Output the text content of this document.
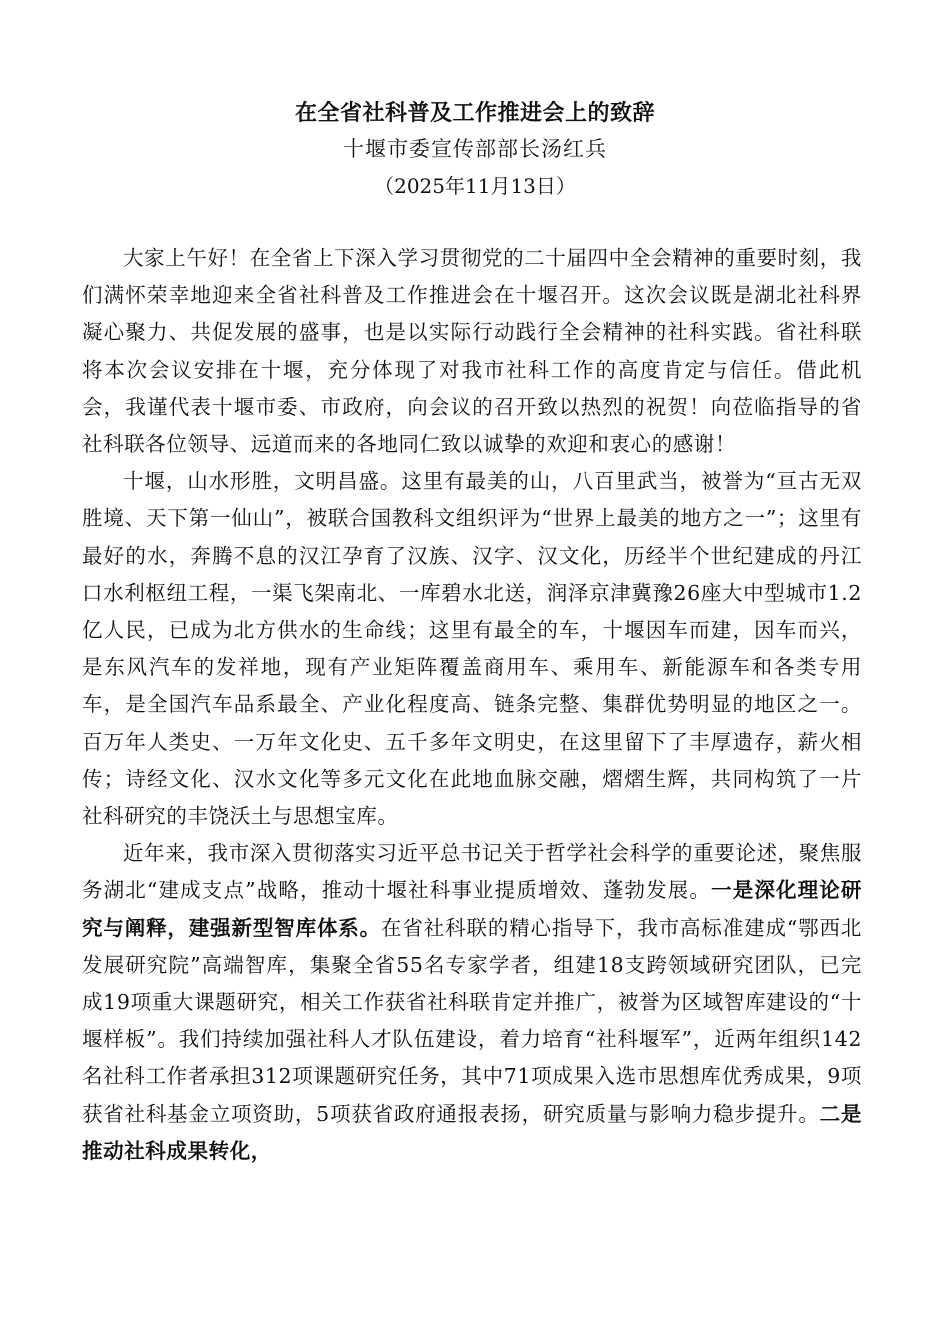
在全省社科普及工作推进会上的致辞
十堰市委宣传部部长汤红兵
（2025年11月13日）

大家上午好！在全省上下深入学习贯彻党的二十届四中全会精神的重要时刻，我们满怀荣幸地迎来全省社科普及工作推进会在十堰召开。这次会议既是湖北社科界凝心聚力、共促发展的盛事，也是以实际行动践行全会精神的社科实践。省社科联将本次会议安排在十堰，充分体现了对我市社科工作的高度肯定与信任。借此机会，我谨代表十堰市委、市政府，向会议的召开致以热烈的祝贺！向莅临指导的省社科联各位领导、远道而来的各地同仁致以诚挚的欢迎和衷心的感谢！

十堰，山水形胜，文明昌盛。这里有最美的山，八百里武当，被誉为“亘古无双胜境、天下第一仙山”，被联合国教科文组织评为“世界上最美的地方之一”；这里有最好的水，奔腾不息的汉江孕育了汉族、汉字、汉文化，历经半个世纪建成的丹江口水利枢纽工程，一渠飞架南北、一库碧水北送，润泽京津冀豫26座大中型城市1.2亿人民，已成为北方供水的生命线；这里有最全的车，十堰因车而建，因车而兴，是东风汽车的发祥地，现有产业矩阵覆盖商用车、乘用车、新能源车和各类专用车，是全国汽车品系最全、产业化程度高、链条完整、集群优势明显的地区之一。百万年人类史、一万年文化史、五千多年文明史，在这里留下了丰厚遗存，薪火相传；诗经文化、汉水文化等多元文化在此地血脉交融，熠熠生辉，共同构筑了一片社科研究的丰饶沃土与思想宝库。

近年来，我市深入贯彻落实习近平总书记关于哲学社会科学的重要论述，聚焦服务湖北“建成支点”战略，推动十堰社科事业提质增效、蓬勃发展。一是深化理论研究与阐释，建强新型智库体系。在省社科联的精心指导下，我市高标准建成“鄂西北发展研究院”高端智库，集聚全省55名专家学者，组建18支跨领域研究团队，已完成19项重大课题研究，相关工作获省社科联肯定并推广，被誉为区域智库建设的“十堰样板”。我们持续加强社科人才队伍建设，着力培育“社科堰军”，近两年组织142名社科工作者承担312项课题研究任务，其中71项成果入选市思想库优秀成果，9项获省社科基金立项资助，5项获省政府通报表扬，研究质量与影响力稳步提升。二是推动社科成果转化，
